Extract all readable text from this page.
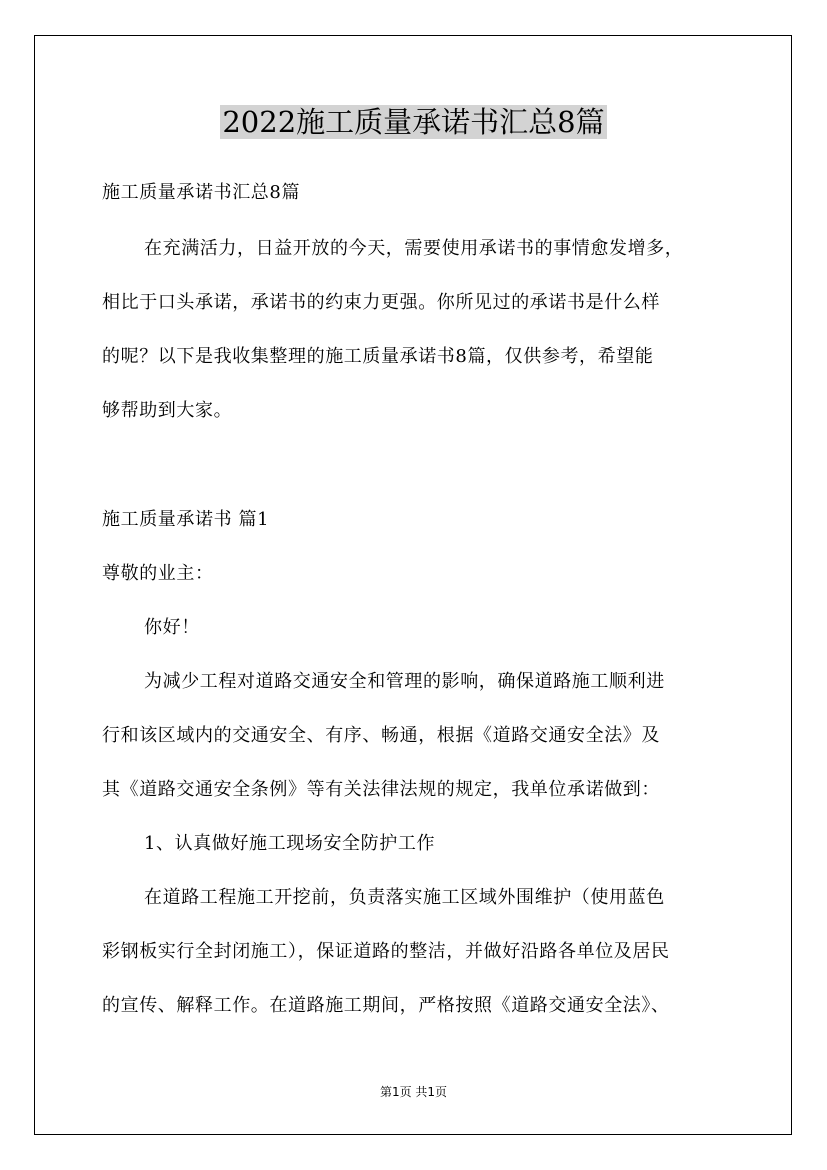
2022施工质量承诺书汇总8篇
施工质量承诺书汇总8篇
在充满活力，日益开放的今天，需要使用承诺书的事情愈发增多，
相比于口头承诺，承诺书的约束力更强。你所见过的承诺书是什么样
的呢？以下是我收集整理的施工质量承诺书8篇，仅供参考，希望能
够帮助到大家。
施工质量承诺书 篇1
尊敬的业主：
你好！
为减少工程对道路交通安全和管理的影响，确保道路施工顺利进
行和该区域内的交通安全、有序、畅通，根据《道路交通安全法》及
其《道路交通安全条例》等有关法律法规的规定，我单位承诺做到：
1、认真做好施工现场安全防护工作
在道路工程施工开挖前，负责落实施工区域外围维护（使用蓝色
彩钢板实行全封闭施工），保证道路的整洁，并做好沿路各单位及居民
的宣传、解释工作。在道路施工期间，严格按照《道路交通安全法》、
第1页 共1页
